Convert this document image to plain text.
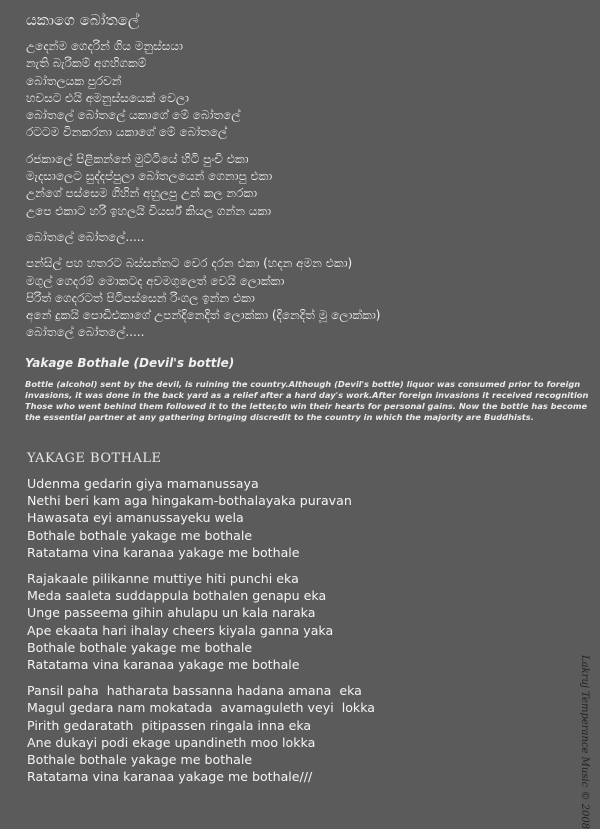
යකාගෙ බෝතලේ
උදෙන්ම ගෙදරින් ගිය මනුස්සයා
නැති බැරිකම් අගහිගකම්
බෝතලයක පුරවන්
හවසට එයි අමනුස්සයෙක් වෙලා
බෝතලේ බෝතලේ යකාගේ මේ බෝතලේ
රටටම විනකරනා යකාගේ මේ බෝතලේ
රජකාලේ පිළිකන්නේ මුට්ටියේ හිටි පුංචි එකා
මැදසාලෙට සුද්දප්පුලා බෝතලයෙන් ගෙනාපු එකා
උන්ගේ පස්සෙම ගිහින් අහුලපු උන් කල නරකා
උපෙ එකාට හරි ඉහලයි චියර්ස් කියල ගන්න යකා
බෝතලේ බෝතලේ.....
පන්සිල් පහ හතරට බස්සන්නට වෙර දරන එකා (හදන අමන එකා)
මගුල් ගෙදරම් මොකටද අවමගුලෙත් වෙයි ලොක්කා
පිරිත් ගෙදරටත් පිටිපස්සෙන් රිංගල ඉන්න එකා
අනේ දුකයි පොඩිඑකාගේ උපන්දිනෙදිත් ලොක්කා (දිනෙදිත් මූ ලොක්කා)
බෝතලේ බෝතලේ.....
Yakage Bothale (Devil's bottle)
Bottle (alcohol) sent by the devil, is ruining the country.Although (Devil's bottle) liquor was consumed prior to foreign
invasions, it was done in the back yard as a relief after a hard day's work.After foreign invasions it received recognition
Those who went behind them followed it to the letter,to win their hearts for personal gains. Now the bottle has become
the essential partner at any gathering bringing discredit to the country in which the majority are Buddhists.
YAKAGE BOTHALE
Udenma gedarin giya mamanussaya
Nethi beri kam aga hingakam-bothalayaka puravan
Hawasata eyi amanussayeku wela
Bothale bothale yakage me bothale
Ratatama vina karanaa yakage me bothale
Rajakaale pilikanne muttiye hiti punchi eka
Meda saaleta suddappula bothalen genapu eka
Unge passeema gihin ahulapu un kala naraka
Ape ekaata hari ihalay cheers kiyala ganna yaka
Bothale bothale yakage me bothale
Ratatama vina karanaa yakage me bothale
Pansil paha  hatharata bassanna hadana amana  eka
Magul gedara nam mokatada  avamaguleth veyi  lokka
Pirith gedaratath  pitipassen ringala inna eka
Ane dukayi podi ekage upandineth moo lokka
Bothale bothale yakage me bothale
Ratatama vina karanaa yakage me bothale///	Lakruj Temperance Music © 2008
